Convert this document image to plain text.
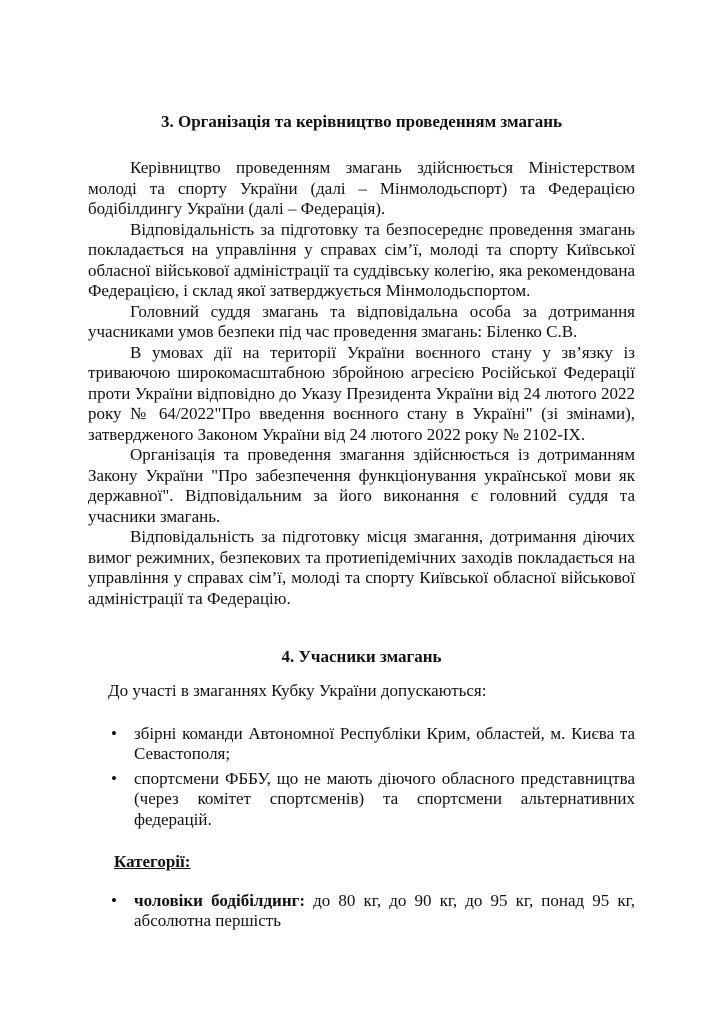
3. Організація та керівництво проведенням змагань

Керівництво проведенням змагань здійснюється Міністерством молоді та спорту України (далі – Мінмолодьспорт) та Федерацією бодібілдингу України (далі – Федерація).

Відповідальність за підготовку та безпосереднє проведення змагань покладається на управління у справах сім’ї, молоді та спорту Київської обласної військової адміністрації та суддівську колегію, яка рекомендована Федерацією, і склад якої затверджується Мінмолодьспортом.

Головний суддя змагань та відповідальна особа за дотримання учасниками умов безпеки під час проведення змагань: Біленко С.В.

В умовах дії на території України воєнного стану у зв’язку із триваючою широкомасштабною збройною агресією Російської Федерації проти України відповідно до Указу Президента України від 24 лютого 2022 року № 64/2022"Про введення воєнного стану в Україні" (зі змінами), затвердженого Законом України від 24 лютого 2022 року № 2102-IX.

Організація та проведення змагання здійснюється із дотриманням Закону України "Про забезпечення функціонування української мови як державної". Відповідальним за його виконання є головний суддя та учасники змагань.

Відповідальність за підготовку місця змагання, дотримання діючих вимог режимних, безпекових та протиепідемічних заходів покладається на управління у справах сім’ї, молоді та спорту Київської обласної військової адміністрації та Федерацію.

4. Учасники змагань

До участі в змаганнях Кубку України допускаються:

• збірні команди Автономної Республіки Крим, областей, м. Києва та Севастополя;
• спортсмени ФББУ, що не мають діючого обласного представництва (через комітет спортсменів) та спортсмени альтернативних федерацій.
Категорії:
• чоловіки бодібілдинг: до 80 кг, до 90 кг, до 95 кг, понад 95 кг, абсолютна першість
